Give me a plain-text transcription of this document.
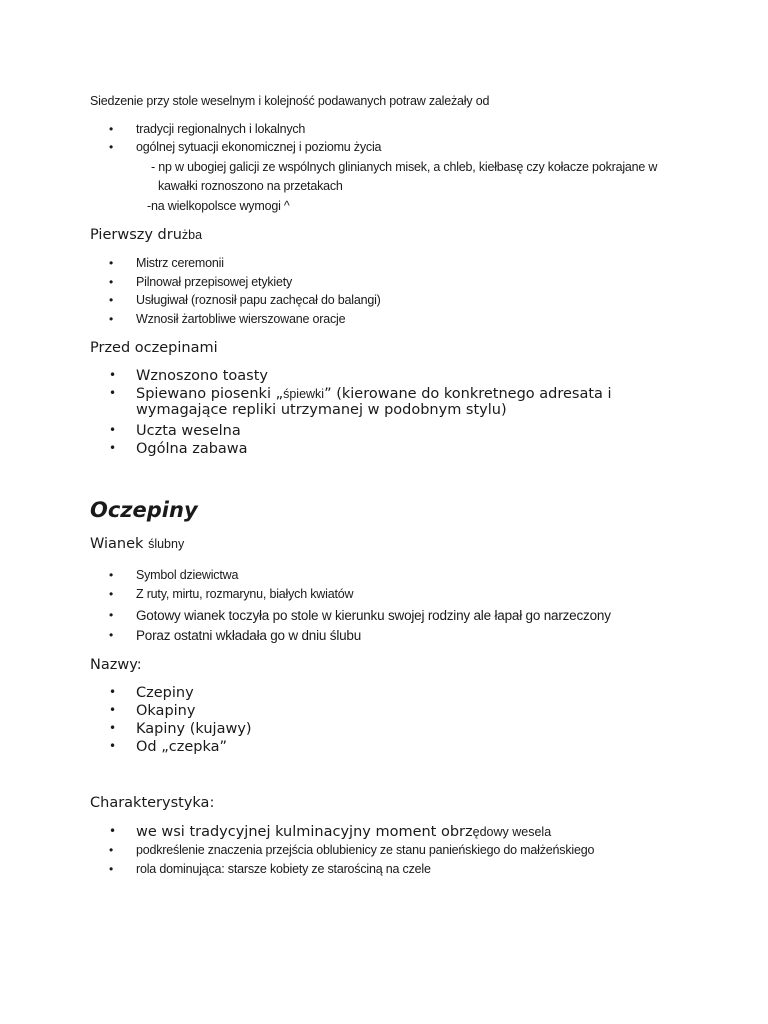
Siedzenie przy stole weselnym i kolejność podawanych potraw zależały od
• tradycji regionalnych i lokalnych
• ogólnej sytuacji ekonomicznej i poziomu życia
- np w ubogiej galicji ze wspólnych glinianych misek, a chleb, kiełbasę czy kołacze pokrajane w
kawałki roznoszono na przetakach
-na wielkopolsce wymogi ^
Pierwszy drużba
• Mistrz ceremonii
• Pilnował przepisowej etykiety
• Usługiwał (roznosił papu zachęcał do balangi)
• Wznosił żartobliwe wierszowane oracje
Przed oczepinami
• Wznoszono toasty
• Spiewano piosenki „śpiewki” (kierowane do konkretnego adresata i
wymagające repliki utrzymanej w podobnym stylu)
• Uczta weselna
• Ogólna zabawa
Oczepiny
Wianek ślubny
• Symbol dziewictwa
• Z ruty, mirtu, rozmarynu, białych kwiatów
• Gotowy wianek toczyła po stole w kierunku swojej rodziny ale łapał go narzeczony
• Poraz ostatni wkładała go w dniu ślubu
Nazwy:
• Czepiny
• Okapiny
• Kapiny (kujawy)
• Od „czepka”
Charakterystyka:
• we wsi tradycyjnej kulminacyjny moment obrzędowy wesela
• podkreślenie znaczenia przejścia oblubienicy ze stanu panieńskiego do małżeńskiego
• rola dominująca: starsze kobiety ze starościną na czele
